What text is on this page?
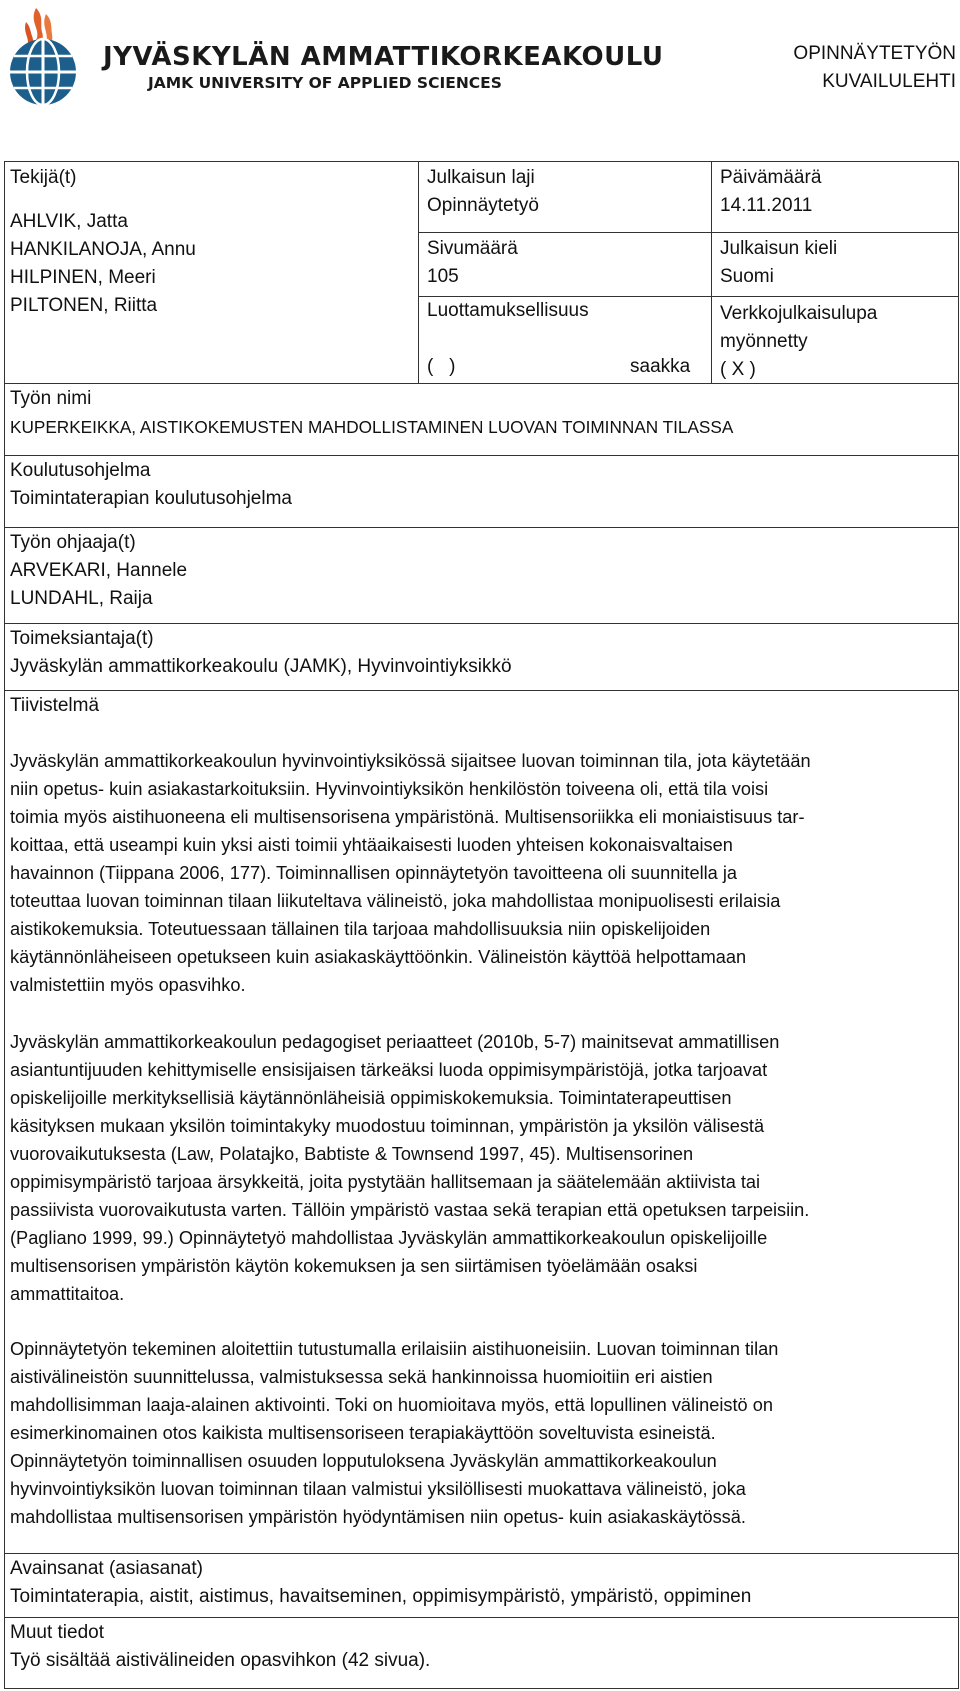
JYVÄSKYLÄN AMMATTIKORKEAKOULU
JAMK UNIVERSITY OF APPLIED SCIENCES
OPINNÄYTETYÖN
KUVAILULEHTI
Tekijä(t)
AHLVIK, Jatta
HANKILANOJA, Annu
HILPINEN, Meeri
PILTONEN, Riitta
Julkaisun laji
Opinnäytetyö
Päivämäärä
14.11.2011
Sivumäärä
105
Julkaisun kieli
Suomi
Luottamuksellisuus
(   )	saakka
Verkkojulkaisulupa
myönnetty
( X )
Työn nimi
KUPERKEIKKA, AISTIKOKEMUSTEN MAHDOLLISTAMINEN LUOVAN TOIMINNAN TILASSA
Koulutusohjelma
Toimintaterapian koulutusohjelma
Työn ohjaaja(t)
ARVEKARI, Hannele
LUNDAHL, Raija
Toimeksiantaja(t)
Jyväskylän ammattikorkeakoulu (JAMK), Hyvinvointiyksikkö
Tiivistelmä
Jyväskylän ammattikorkeakoulun hyvinvointiyksikössä sijaitsee luovan toiminnan tila, jota käytetään
niin opetus- kuin asiakastarkoituksiin. Hyvinvointiyksikön henkilöstön toiveena oli, että tila voisi
toimia myös aistihuoneena eli multisensorisena ympäristönä. Multisensoriikka eli moniaistisuus tar-
koittaa, että useampi kuin yksi aisti toimii yhtäaikaisesti luoden yhteisen kokonaisvaltaisen
havainnon (Tiippana 2006, 177). Toiminnallisen opinnäytetyön tavoitteena oli suunnitella ja
toteuttaa luovan toiminnan tilaan liikuteltava välineistö, joka mahdollistaa monipuolisesti erilaisia
aistikokemuksia. Toteutuessaan tällainen tila tarjoaa mahdollisuuksia niin opiskelijoiden
käytännönläheiseen opetukseen kuin asiakaskäyttöönkin. Välineistön käyttöä helpottamaan
valmistettiin myös opasvihko.
Jyväskylän ammattikorkeakoulun pedagogiset periaatteet (2010b, 5-7) mainitsevat ammatillisen
asiantuntijuuden kehittymiselle ensisijaisen tärkeäksi luoda oppimisympäristöjä, jotka tarjoavat
opiskelijoille merkityksellisiä käytännönläheisiä oppimiskokemuksia. Toimintaterapeuttisen
käsityksen mukaan yksilön toimintakyky muodostuu toiminnan, ympäristön ja yksilön välisestä
vuorovaikutuksesta (Law, Polatajko, Babtiste & Townsend 1997, 45). Multisensorinen
oppimisympäristö tarjoaa ärsykkeitä, joita pystytään hallitsemaan ja säätelemään aktiivista tai
passiivista vuorovaikutusta varten. Tällöin ympäristö vastaa sekä terapian että opetuksen tarpeisiin.
(Pagliano 1999, 99.) Opinnäytetyö mahdollistaa Jyväskylän ammattikorkeakoulun opiskelijoille
multisensorisen ympäristön käytön kokemuksen ja sen siirtämisen työelämään osaksi
ammattitaitoa.
Opinnäytetyön tekeminen aloitettiin tutustumalla erilaisiin aistihuoneisiin. Luovan toiminnan tilan
aistivälineistön suunnittelussa, valmistuksessa sekä hankinnoissa huomioitiin eri aistien
mahdollisimman laaja-alainen aktivointi. Toki on huomioitava myös, että lopullinen välineistö on
esimerkinomainen otos kaikista multisensoriseen terapiakäyttöön soveltuvista esineistä.
Opinnäytetyön toiminnallisen osuuden lopputuloksena Jyväskylän ammattikorkeakoulun
hyvinvointiyksikön luovan toiminnan tilaan valmistui yksilöllisesti muokattava välineistö, joka
mahdollistaa multisensorisen ympäristön hyödyntämisen niin opetus- kuin asiakaskäytössä.
Avainsanat (asiasanat)
Toimintaterapia, aistit, aistimus, havaitseminen, oppimisympäristö, ympäristö, oppiminen
Muut tiedot
Työ sisältää aistivälineiden opasvihkon (42 sivua).
